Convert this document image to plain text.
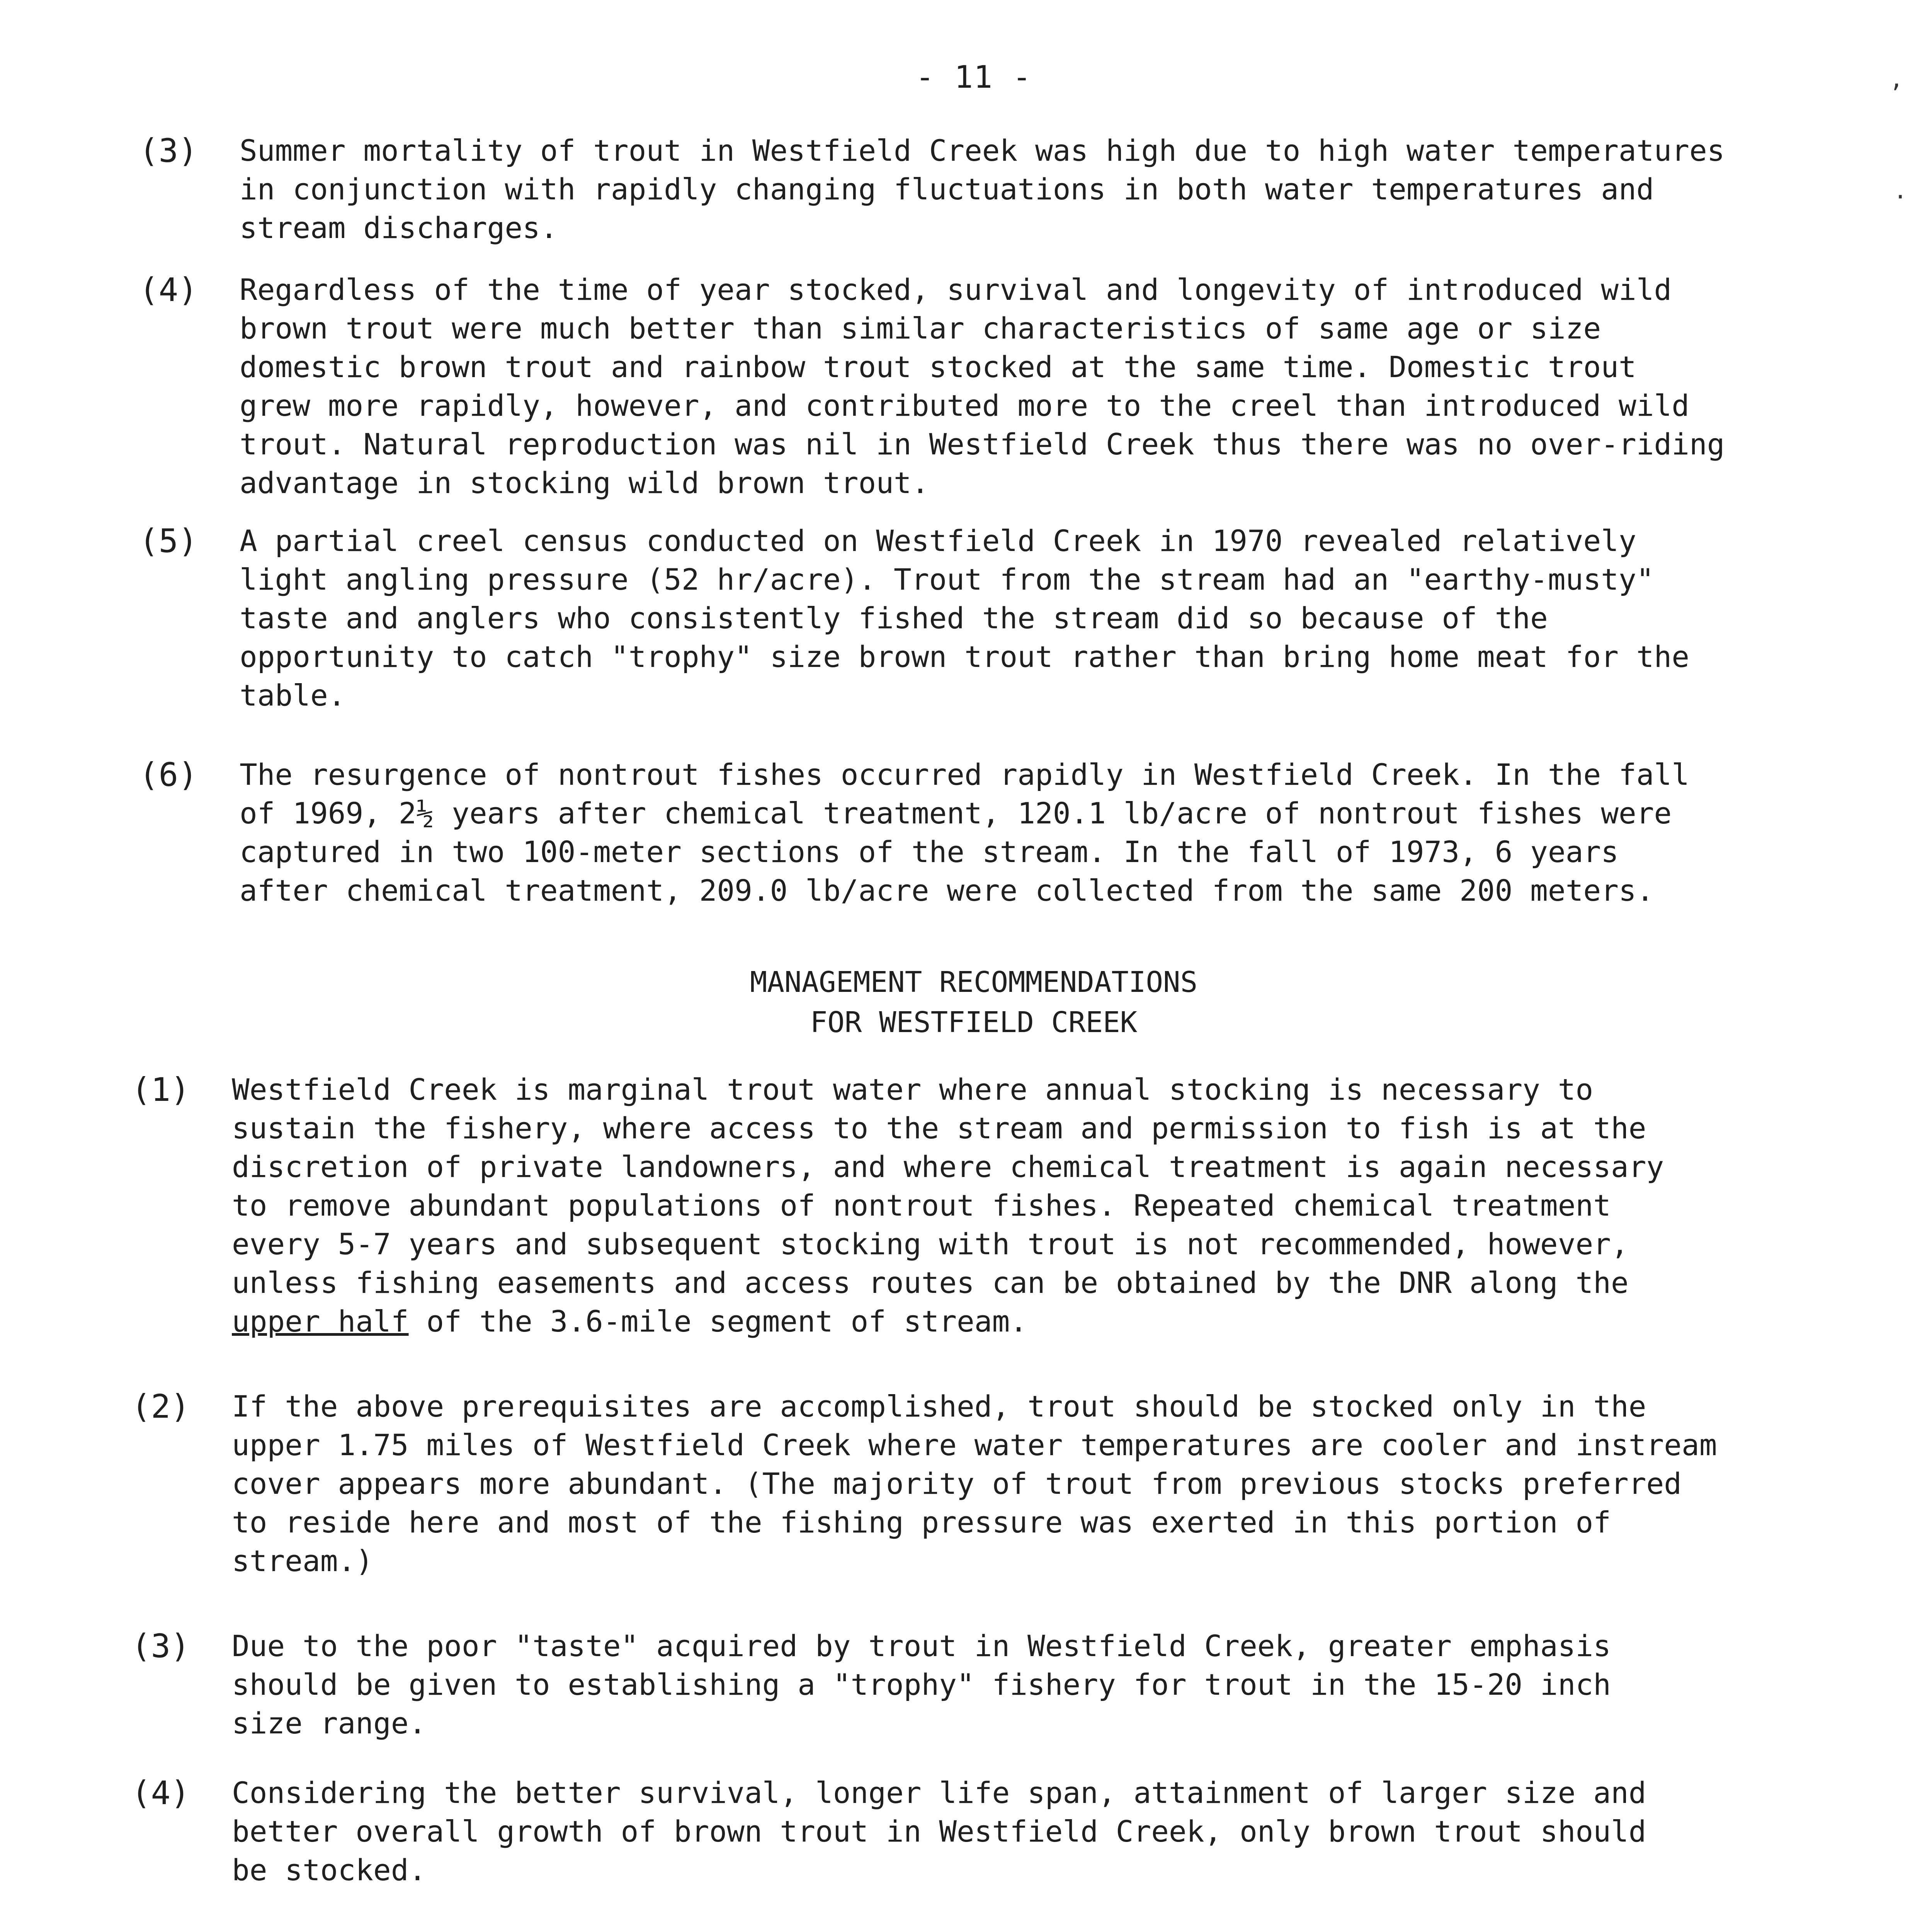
- 11 -	,
·
(3)	Summer mortality of trout in Westfield Creek was high due to high water temperatures
in conjunction with rapidly changing fluctuations in both water temperatures and
stream discharges.
(4)	Regardless of the time of year stocked, survival and longevity of introduced wild
brown trout were much better than similar characteristics of same age or size
domestic brown trout and rainbow trout stocked at the same time. Domestic trout
grew more rapidly, however, and contributed more to the creel than introduced wild
trout. Natural reproduction was nil in Westfield Creek thus there was no over-riding
advantage in stocking wild brown trout.
(5)	A partial creel census conducted on Westfield Creek in 1970 revealed relatively
light angling pressure (52 hr/acre). Trout from the stream had an "earthy-musty"
taste and anglers who consistently fished the stream did so because of the
opportunity to catch "trophy" size brown trout rather than bring home meat for the
table.
(6)	The resurgence of nontrout fishes occurred rapidly in Westfield Creek. In the fall
of 1969, 2½ years after chemical treatment, 120.1 lb/acre of nontrout fishes were
captured in two 100-meter sections of the stream. In the fall of 1973, 6 years
after chemical treatment, 209.0 lb/acre were collected from the same 200 meters.
MANAGEMENT RECOMMENDATIONS
FOR WESTFIELD CREEK
(1)	Westfield Creek is marginal trout water where annual stocking is necessary to
sustain the fishery, where access to the stream and permission to fish is at the
discretion of private landowners, and where chemical treatment is again necessary
to remove abundant populations of nontrout fishes. Repeated chemical treatment
every 5-7 years and subsequent stocking with trout is not recommended, however,
unless fishing easements and access routes can be obtained by the DNR along the
upper half of the 3.6-mile segment of stream.
(2)	If the above prerequisites are accomplished, trout should be stocked only in the
upper 1.75 miles of Westfield Creek where water temperatures are cooler and instream
cover appears more abundant. (The majority of trout from previous stocks preferred
to reside here and most of the fishing pressure was exerted in this portion of
stream.)
(3)	Due to the poor "taste" acquired by trout in Westfield Creek, greater emphasis
should be given to establishing a "trophy" fishery for trout in the 15-20 inch
size range.
(4)	Considering the better survival, longer life span, attainment of larger size and
better overall growth of brown trout in Westfield Creek, only brown trout should
be stocked.
